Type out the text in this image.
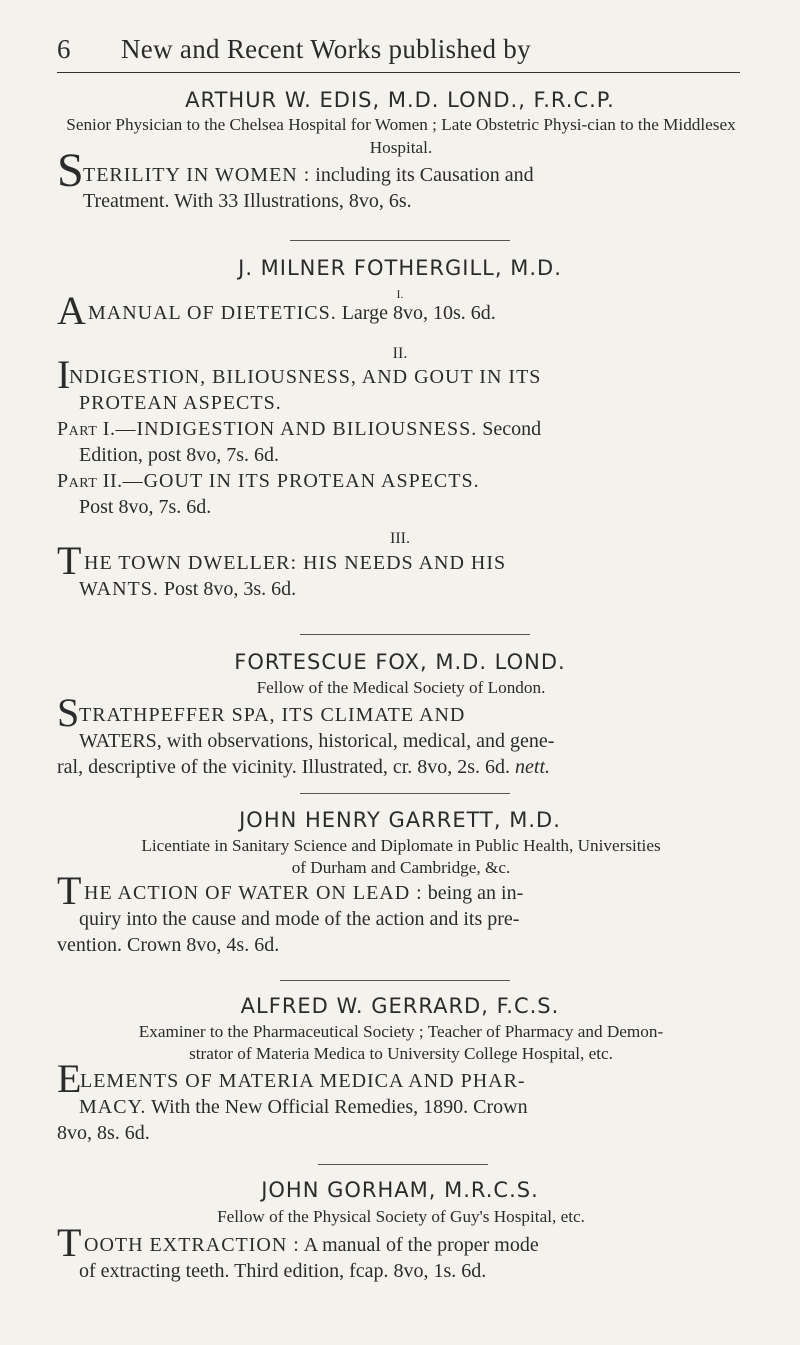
6 New and Recent Works published by
ARTHUR W. EDIS, M.D. LOND., F.R.C.P.
Senior Physician to the Chelsea Hospital for Women ; Late Obstetric Physi-cian to the Middlesex Hospital.
S
TERILITY IN WOMEN : including its Causation and
Treatment. With 33 Illustrations, 8vo, 6s.
J. MILNER FOTHERGILL, M.D.
I.
A MANUAL OF DIETETICS. Large 8vo, 10s. 6d.
II.
I
NDIGESTION, BILIOUSNESS, AND GOUT IN ITS
PROTEAN ASPECTS.
Part I.—INDIGESTION AND BILIOUSNESS. Second
Edition, post 8vo, 7s. 6d.
Part II.—GOUT IN ITS PROTEAN ASPECTS.
Post 8vo, 7s. 6d.
III.
T HE TOWN DWELLER: HIS NEEDS AND HIS
WANTS. Post 8vo, 3s. 6d.
FORTESCUE FOX, M.D. LOND.
Fellow of the Medical Society of London.
S
TRATHPEFFER SPA, ITS CLIMATE AND
WATERS, with observations, historical, medical, and gene-
ral, descriptive of the vicinity. Illustrated, cr. 8vo, 2s. 6d. nett.
JOHN HENRY GARRETT, M.D.
Licentiate in Sanitary Science and Diplomate in Public Health, Universities
of Durham and Cambridge, &c.
T HE ACTION OF WATER ON LEAD : being an in-
quiry into the cause and mode of the action and its pre-
vention. Crown 8vo, 4s. 6d.
ALFRED W. GERRARD, F.C.S.
Examiner to the Pharmaceutical Society ; Teacher of Pharmacy and Demon-
strator of Materia Medica to University College Hospital, etc.
E
LEMENTS OF MATERIA MEDICA AND PHAR-
MACY. With the New Official Remedies, 1890. Crown
8vo, 8s. 6d.
JOHN GORHAM, M.R.C.S.
Fellow of the Physical Society of Guy's Hospital, etc.
T OOTH EXTRACTION : A manual of the proper mode
of extracting teeth. Third edition, fcap. 8vo, 1s. 6d.
